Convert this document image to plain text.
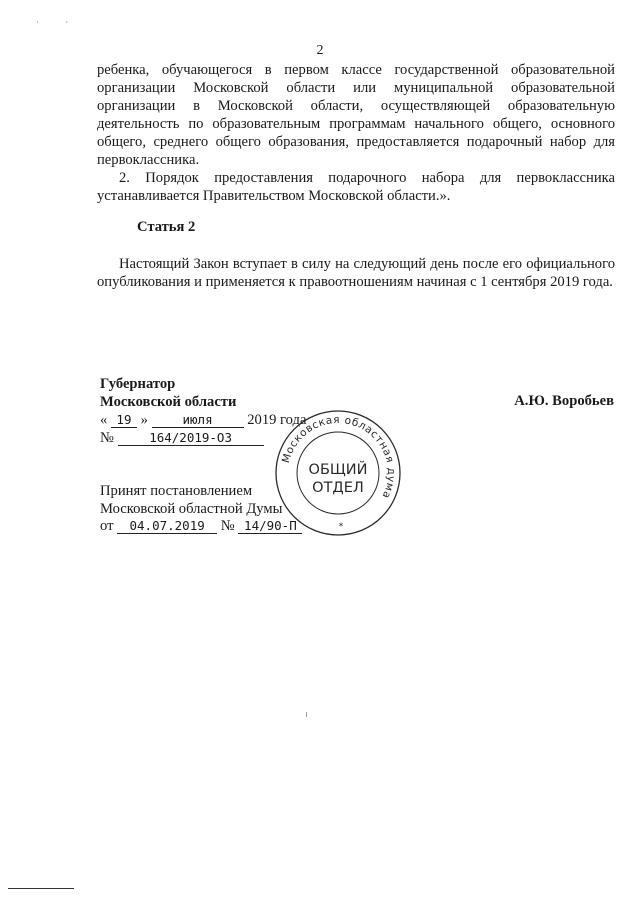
· ·
2

ребенка, обучающегося в первом классе государственной образовательной организации Московской области или муниципальной образовательной организации в Московской области, осуществляющей образовательную деятельность по образовательным программам начального общего, основного общего, среднего общего образования, предоставляется подарочный набор для первоклассника.

2. Порядок предоставления подарочного набора для первоклассника устанавливается Правительством Московской области.».

Статья 2

Настоящий Закон вступает в силу на следующий день после его официального опубликования и применяется к правоотношениям начиная с 1 сентября 2019 года.

Губернатор
Московской области	А.Ю. Воробьев
« 19 »	июля 2019 года
№	164/2019-ОЗ
Принят постановлением
Московской областной Думы
от 04.07.2019 № 14/90-П
Московская областная дума
ОБЩИЙ
ОТДЕЛ
*
